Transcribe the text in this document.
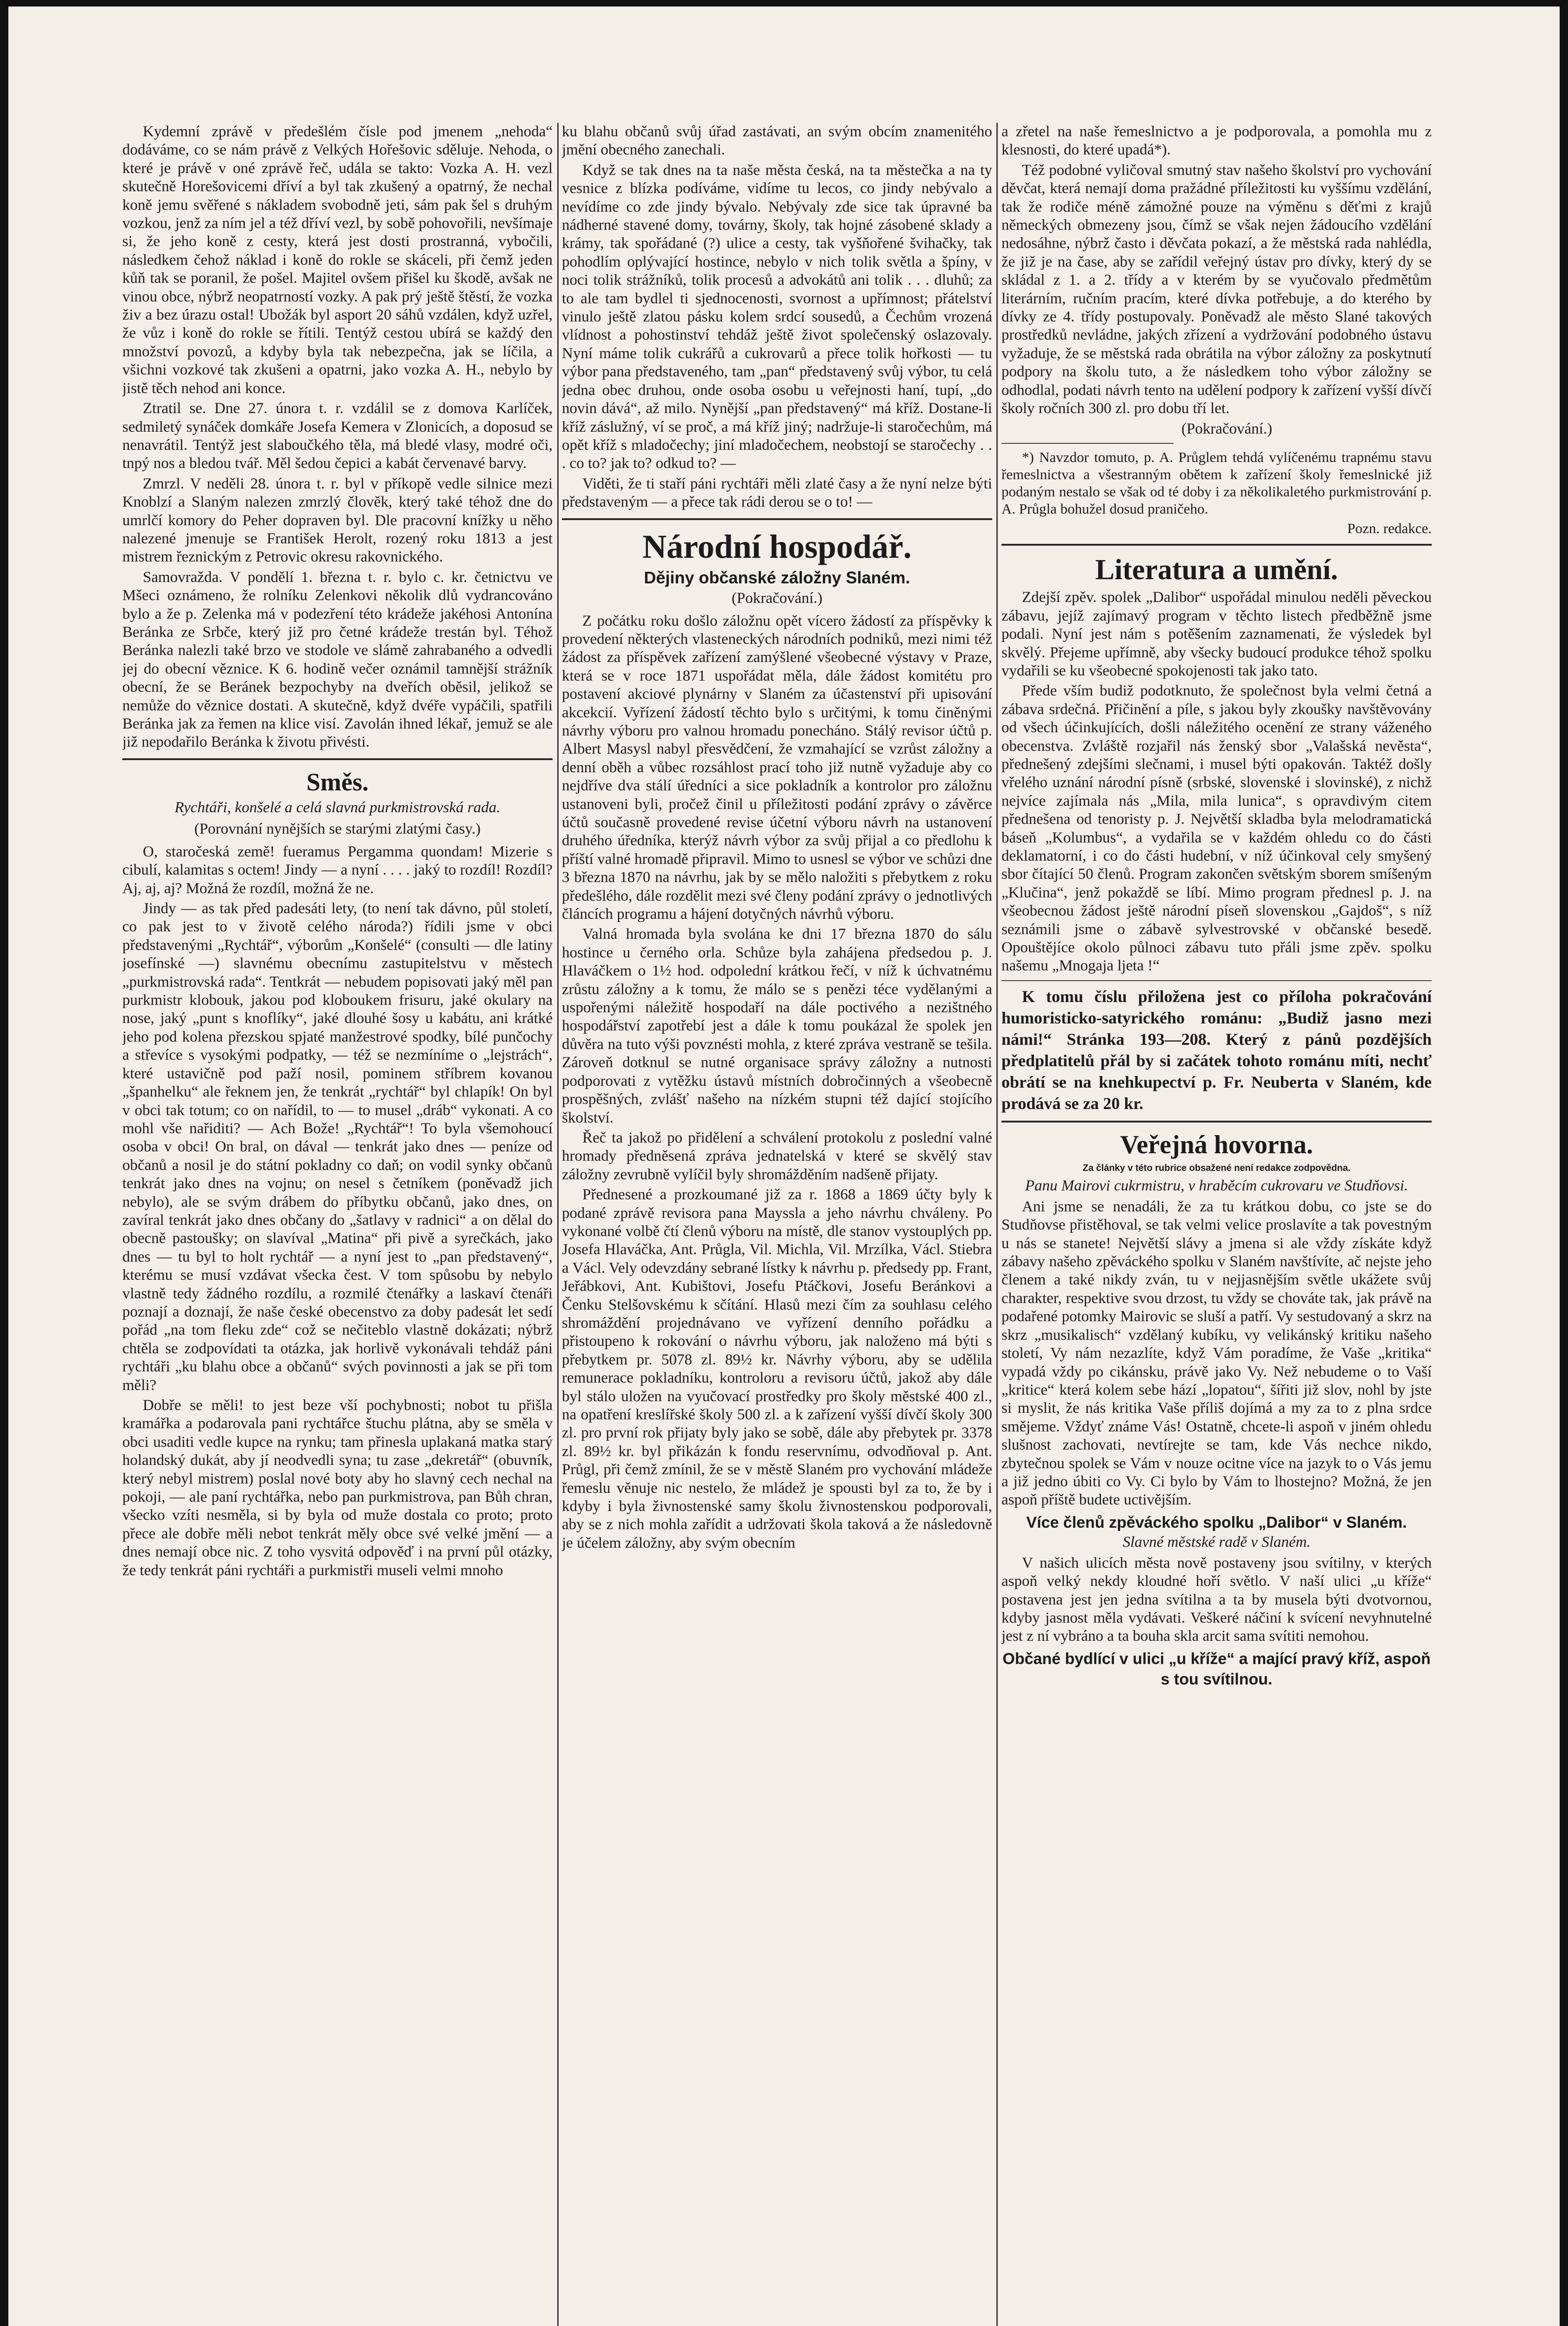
Kydemní zprávě v předešlém čísle pod jmenem „nehoda“ dodáváme, co se nám právě z Velkých Hořešovic sděluje. Nehoda, o které je právě v oné zprávě řeč, udála se takto: Vozka A. H. vezl skutečně Horešovicemi dříví a byl tak zkušený a opatrný, že nechal koně jemu svěřené s nákladem svobodně jeti, sám pak šel s druhým vozkou, jenž za ním jel a též dříví vezl, by sobě pohovořili, nevšímaje si, že jeho koně z cesty, která jest dosti prostranná, vybočili, následkem čehož náklad i koně do rokle se skáceli, při čemž jeden kůň tak se poranil, že pošel. Majitel ovšem přišel ku škodě, avšak ne vinou obce, nýbrž neopatrností vozky. A pak prý ještě štěstí, že vozka živ a bez úrazu ostal! Ubožák byl asport 20 sáhů vzdálen, když uzřel, že vůz i koně do rokle se řítili. Tentýž cestou ubírá se každý den množství povozů, a kdyby byla tak nebezpečna, jak se líčila, a všichni vozkové tak zkušeni a opatrni, jako vozka A. H., nebylo by jistě těch nehod ani konce.

Ztratil se. Dne 27. února t. r. vzdálil se z domova Karlíček, sedmiletý synáček domkáře Josefa Kemera v Zlonicích, a doposud se nenavrátil. Tentýž jest slaboučkého těla, má bledé vlasy, modré oči, tnpý nos a bledou tvář. Měl šedou čepici a kabát červenavé barvy.

Zmrzl. V neděli 28. února t. r. byl v příkopě vedle silnice mezi Knoblzí a Slaným nalezen zmrzlý člověk, který také téhož dne do umrlčí komory do Peher dopraven byl. Dle pracovní knížky u něho nalezené jmenuje se František Herolt, rozený roku 1813 a jest mistrem řeznickým z Petrovic okresu rakovnického.

Samovražda. V pondělí 1. března t. r. bylo c. kr. četnictvu ve Mšeci oznámeno, že rolníku Zelenkovi několik dlů vydrancováno bylo a že p. Zelenka má v podezření této krádeže jakéhosi Antonína Beránka ze Srbče, který již pro četné krádeže trestán byl. Téhož Beránka nalezli také brzo ve stodole ve slámě zahrabaného a odvedli jej do obecní věznice. K 6. hodině večer oznámil tamnější strážník obecní, že se Beránek bezpochyby na dveřích oběsil, jelikož se nemůže do věznice dostati. A skutečně, když dvéře vypáčili, spatřili Beránka jak za řemen na klice visí. Zavolán ihned lékař, jemuž se ale již nepodařilo Beránka k životu přivésti.

Směs.
Rychtáři, konšelé a celá slavná purkmistrovská rada.
(Porovnání nynějších se starými zlatými časy.)

O, staročeská země! fueramus Pergamma quondam! Mizerie s cibulí, kalamitas s octem! Jindy — a nyní . . . . jaký to rozdíl! Rozdíl? Aj, aj, aj? Možná že rozdíl, možná že ne.

Jindy — as tak před padesáti lety, (to není tak dávno, půl století, co pak jest to v životě celého národa?) řídili jsme v obci představenými „Rychtář“, výborům „Konšelé“ (consulti — dle latiny josefínské —) slavnému obecnímu zastupitelstvu v městech „purkmistrovská rada“. Tentkrát — nebudem popisovati jaký měl pan purkmistr klobouk, jakou pod kloboukem frisuru, jaké okulary na nose, jaký „punt s knoflíky“, jaké dlouhé šosy u kabátu, ani krátké jeho pod kolena přezskou spjaté manžestrové spodky, bílé punčochy a střevíce s vysokými podpatky, — též se nezmíníme o „lejstrách“, které ustavičně pod paží nosil, pominem stříbrem kovanou „španhelku“ ale řeknem jen, že tenkrát „rychtář“ byl chlapík! On byl v obci tak totum; co on nařídil, to — to musel „dráb“ vykonati. A co mohl vše nařiditi? — Ach Bože! „Rychtář“! To byla všemohoucí osoba v obci! On bral, on dával — tenkrát jako dnes — peníze od občanů a nosil je do státní pokladny co daň; on vodil synky občanů tenkrát jako dnes na vojnu; on nesel s četníkem (poněvadž jich nebylo), ale se svým drábem do příbytku občanů, jako dnes, on zavíral tenkrát jako dnes občany do „šatlavy v radnici“ a on dělal do obecně pastoušky; on slavíval „Matina“ při pivě a syrečkách, jako dnes — tu byl to holt rychtář — a nyní jest to „pan představený“, kterému se musí vzdávat všecka čest. V tom spůsobu by nebylo vlastně tedy žádného rozdílu, a rozmilé čtenářky a laskaví čtenáři poznají a doznají, že naše české obecenstvo za doby padesát let sedí pořád „na tom fleku zde“ což se nečiteblo vlastně dokázati; nýbrž chtěla se zodpovídati ta otázka, jak horlivě vykonávali tehdáž páni rychtáři „ku blahu obce a občanů“ svých povinnosti a jak se při tom měli?

Dobře se měli! to jest beze vší pochybnosti; nobot tu přišla kramářka a podarovala pani rychtářce štuchu plátna, aby se směla v obci usaditi vedle kupce na rynku; tam přinesla uplakaná matka starý holandský dukát, aby jí neodvedli syna; tu zase „dekretář“ (obuvník, který nebyl mistrem) poslal nové boty aby ho slavný cech nechal na pokoji, — ale paní rychtářka, nebo pan purkmistrova, pan Bůh chran, všecko vzíti nesměla, si by byla od muže dostala co proto; proto přece ale dobře měli nebot tenkrát měly obce své velké jmění — a dnes nemají obce nic. Z toho vysvitá odpověď i na první půl otázky, že tedy tenkrát páni rychtáři a purkmistři museli velmi mnoho

ku blahu občanů svůj úřad zastávati, an svým obcím znamenitého jmění obecného zanechali.

Když se tak dnes na ta naše města česká, na ta městečka a na ty vesnice z blízka podíváme, vidíme tu lecos, co jindy nebývalo a nevídíme co zde jindy bývalo. Nebývaly zde sice tak úpravné ba nádherné stavené domy, továrny, školy, tak hojné zásobené sklady a krámy, tak spořádané (?) ulice a cesty, tak vyšňořené švihačky, tak pohodlím oplývající hostince, nebylo v nich tolik světla a špíny, v noci tolik strážníků, tolik procesů a advokátů ani tolik . . . dluhů; za to ale tam bydlel ti sjednocenosti, svornost a upřímnost; přátelství vinulo ještě zlatou pásku kolem srdcí sousedů, a Čechům vrozená vlídnost a pohostinství tehdáž ještě život společenský oslazovaly. Nyní máme tolik cukrářů a cukrovarů a přece tolik hořkosti — tu výbor pana představeného, tam „pan“ představený svůj výbor, tu celá jedna obec druhou, onde osoba osobu u veřejnosti haní, tupí, „do novin dává“, až milo. Nynější „pan představený“ má kříž. Dostane-li kříž záslužný, ví se proč, a má kříž jiný; nadržuje-li staročechům, má opět kříž s mladočechy; jiní mladočechem, neobstojí se staročechy . . . co to? jak to? odkud to? —

Viděti, že ti staří páni rychtáři měli zlaté časy a že nyní nelze býti představeným — a přece tak rádi derou se o to! —

Národní hospodář.
Dějiny občanské záložny Slaném.
(Pokračování.)

Z počátku roku došlo záložnu opět vícero žádostí za příspěvky k provedení některých vlasteneckých národních podniků, mezi nimi též žádost za příspěvek zařízení zamýšlené všeobecné výstavy v Praze, která se v roce 1871 uspořádat měla, dále žádost komitétu pro postavení akciové plynárny v Slaném za účastenství při upisování akcekcií. Vyřízení žádostí těchto bylo s určitými, k tomu činěnými návrhy výboru pro valnou hromadu ponecháno. Stálý revisor účtů p. Albert Masysl nabyl přesvědčení, že vzmahající se vzrůst záložny a denní oběh a vůbec rozsáhlost prací toho již nutně vyžaduje aby co nejdříve dva stálí úředníci a sice pokladník a kontrolor pro záložnu ustanoveni byli, pročež činil u příležitosti podání zprávy o závěrce účtů současně provedené revise účetní výboru návrh na ustanovení druhého úředníka, kterýž návrh výbor za svůj přijal a co předlohu k příští valné hromadě připravil. Mimo to usnesl se výbor ve schůzi dne 3 března 1870 na návrhu, jak by se mělo naložiti s přebytkem z roku předešlého, dále rozdělit mezi své členy podání zprávy o jednotlivých článcích programu a hájení dotyčných návrhů výboru.

Valná hromada byla svolána ke dni 17 března 1870 do sálu hostince u černého orla. Schůze byla zahájena předsedou p. J. Hlaváčkem o 1½ hod. odpolední krátkou řečí, v níž k úchvatnému zrůstu záložny a k tomu, že málo se s penězi téce vydělanými a uspořenými náležitě hospodaří na dále poctivého a nezištného hospodářství zapotřebí jest a dále k tomu poukázal že spolek jen důvěra na tuto výši povznésti mohla, z které zpráva vestraně se tešila. Zároveň dotknul se nutné organisace správy záložny a nutnosti podporovati z vytěžku ústavů místních dobročinných a všeobecně prospěšných, zvlášť našeho na nízkém stupni též dající stojícího školství.

Řeč ta jakož po přidělení a schválení protokolu z poslední valné hromady předněsená zpráva jednatelská v které se skvělý stav záložny zevrubně vylíčil byly shromážděním nadšeně přijaty.

Přednesené a prozkoumané již za r. 1868 a 1869 účty byly k podané zprávě revisora pana Mayssla a jeho návrhu chváleny. Po vykonané volbě čtí členů výboru na místě, dle stanov vystouplých pp. Josefa Hlaváčka, Ant. Průgla, Vil. Michla, Vil. Mrzílka, Václ. Stiebra a Václ. Vely odevzdány sebrané lístky k návrhu p. předsedy pp. Frant, Jeřábkovi, Ant. Kubištovi, Josefu Ptáčkovi, Josefu Beránkovi a Čenku Stelšovskému k sčítání. Hlasů mezi čím za souhlasu celého shromáždění projednávano ve vyřízení denního pořádku a přistoupeno k rokování o návrhu výboru, jak naloženo má býti s přebytkem pr. 5078 zl. 89½ kr. Návrhy výboru, aby se udělila remunerace pokladníku, kontroloru a revisoru účtů, jakož aby dále byl stálo uložen na vyučovací prostředky pro školy městské 400 zl., na opatření kreslířské školy 500 zl. a k zařízení vyšší dívčí školy 300 zl. pro první rok přijaty byly jako se sobě, dále aby přebytek pr. 3378 zl. 89½ kr. byl přikázán k fondu reservnímu, odvodňoval p. Ant. Průgl, při čemž zmínil, že se v městě Slaném pro vychování mládeže řemeslu věnuje nic nestelo, že mládež je spousti byl za to, že by i kdyby i byla živnostenské samy školu živnostenskou podporovali, aby se z nich mohla zařídit a udržovati škola taková a že následovně je účelem záložny, aby svým obecním

a zřetel na naše řemeslnictvo a je podporovala, a pomohla mu z klesnosti, do které upadá*).

Též podobné vyličoval smutný stav našeho školství pro vychování děvčat, která nemají doma pražádné příležitosti ku vyššímu vzdělání, tak že rodiče méně zámožné pouze na výměnu s děťmi z krajů německých obmezeny jsou, čímž se však nejen žádoucího vzdělání nedosáhne, nýbrž často i děvčata pokazí, a že městská rada nahlédla, že již je na čase, aby se zařídil veřejný ústav pro dívky, který dy se skládal z 1. a 2. třídy a v kterém by se vyučovalo předmětům literárním, ručním pracím, které dívka potřebuje, a do kterého by dívky ze 4. třídy postupovaly. Poněvadž ale město Slané takových prostředků nevládne, jakých zřízení a vydržování podobného ústavu vyžaduje, že se městská rada obrátila na výbor záložny za poskytnutí podpory na školu tuto, a že následkem toho výbor záložny se odhodlal, podati návrh tento na udělení podpory k zařízení vyšší dívčí školy ročních 300 zl. pro dobu tří let.

(Pokračování.)

*) Navzdor tomuto, p. A. Průglem tehdá vylíčenému trapnému stavu řemeslnictva a všestranným obětem k zařízení školy řemeslnické již podaným nestalo se však od té doby i za několikaletého purkmistrování p. A. Průgla bohužel dosud praničeho.

Pozn. redakce.

Literatura a umění.

Zdejší zpěv. spolek „Dalibor“ uspořádal minulou neděli pěveckou zábavu, jejíž zajímavý program v těchto listech předběžně jsme podali. Nyní jest nám s potěšením zaznamenati, že výsledek byl skvělý. Přejeme upřímně, aby všecky budoucí produkce téhož spolku vydařili se ku všeobecné spokojenosti tak jako tato.

Přede vším budiž podotknuto, že společnost byla velmi četná a zábava srdečná. Přičinění a píle, s jakou byly zkoušky navštěvovány od všech účinkujících, došli náležitého ocenění ze strany váženého obecenstva. Zvláště rozjařil nás ženský sbor „Valašská nevěsta“, přednešený zdejšími slečnami, i musel býti opakován. Taktéž došly vřelého uznání národní písně (srbské, slovenské i slovinské), z nichž nejvíce zajímala nás „Mila, mila lunica“, s opravdivým citem přednešena od tenoristy p. J. Největší skladba byla melodramatická báseň „Kolumbus“, a vydařila se v každém ohledu co do části deklamatorní, i co do části hudební, v níž účinkoval cely smyšený sbor čítající 50 členů. Program zakončen světským sborem smíšeným „Klučina“, jenž pokaždě se líbí. Mimo program přednesl p. J. na všeobecnou žádost ještě národní píseň slovenskou „Gajdoš“, s níž seznámili jsme o zábavě sylvestrovské v občanské besedě. Opouštějíce okolo půlnoci zábavu tuto přáli jsme zpěv. spolku našemu „Mnogaja ljeta !“

K tomu číslu přiložena jest co příloha pokračování humoristicko-satyrického románu: „Budiž jasno mezi námi!“ Stránka 193—208. Který z pánů pozdějších předplatitelů přál by si začátek tohoto románu míti, nechť obrátí se na knehkupectví p. Fr. Neuberta v Slaném, kde prodává se za 20 kr.

Veřejná hovorna.
Za články v této rubrice obsažené není redakce zodpovědna.
Panu Mairovi cukrmistru, v hraběcím cukrovaru ve Studňovsi.

Ani jsme se nenadáli, že za tu krátkou dobu, co jste se do Studňovse přistěhoval, se tak velmi velice proslavíte a tak povestným u nás se stanete! Největší slávy a jmena si ale vždy získáte když zábavy našeho zpěváckého spolku v Slaném navštívíte, ač nejste jeho členem a také nikdy zván, tu v nejjasnějším světle ukážete svůj charakter, respektive svou drzost, tu vždy se chováte tak, jak právě na podařené potomky Mairovic se sluší a patří. Vy sestudovaný a skrz na skrz „musikalisch“ vzdělaný kubíku, vy velikánský kritiku našeho století, Vy nám nezazlíte, když Vám poradíme, že Vaše „kritika“ vypadá vždy po cikánsku, právě jako Vy. Než nebudeme o to Vaší „kritice“ která kolem sebe hází „lopatou“, šířiti již slov, nohl by jste si myslit, že nás kritika Vaše příliš dojímá a my za to z plna srdce smějeme. Vždyť známe Vás! Ostatně, chcete-li aspoň v jiném ohledu slušnost zachovati, nevtírejte se tam, kde Vás nechce nikdo, zbytečnou spolek se Vám v nouze ocitne více na jazyk to o Vás jemu a již jedno úbiti co Vy. Ci bylo by Vám to lhostejno? Možná, že jen aspoň příště budete uctivějším.

Více členů zpěváckého spolku „Dalibor“ v Slaném.

Slavné městské radě v Slaném.

V našich ulicích města nově postaveny jsou svítilny, v kterých aspoň velký nekdy kloudné hoří světlo. V naší ulici „u kříže“ postavena jest jen jedna svítilna a ta by musela býti dvotvornou, kdyby jasnost měla vydávati. Veškeré náčiní k svícení nevyhnutelné jest z ní vybráno a ta bouha skla arcit sama svítiti nemohou.

Občané bydlící v ulici „u kříže“ a mající pravý kříž, aspoň s tou svítilnou.
